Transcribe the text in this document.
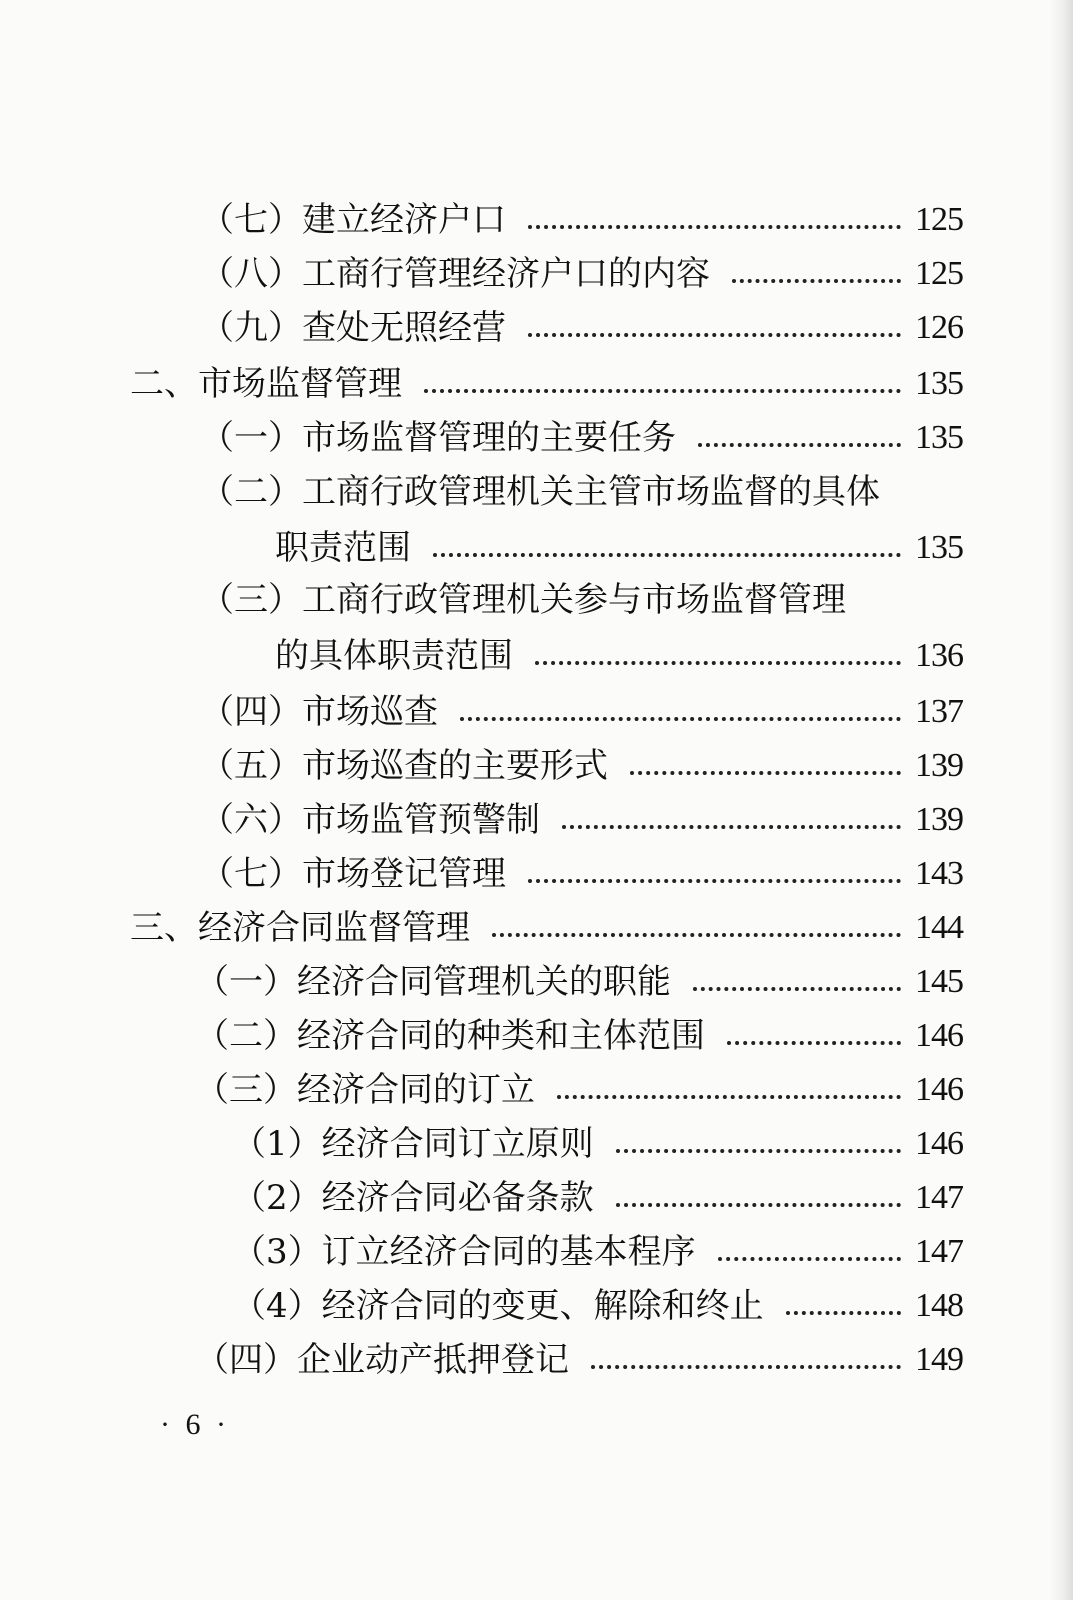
（七）建立经济户口	125
（八）工商行管理经济户口的内容	125
（九）查处无照经营	126
二、市场监督管理	135
（一）市场监督管理的主要任务	135
（二）工商行政管理机关主管市场监督的具体
职责范围	135
（三）工商行政管理机关参与市场监督管理
的具体职责范围	136
（四）市场巡查	137
（五）市场巡查的主要形式	139
（六）市场监管预警制	139
（七）市场登记管理	143
三、经济合同监督管理	144
（一）经济合同管理机关的职能	145
（二）经济合同的种类和主体范围	146
（三）经济合同的订立	146
（1）经济合同订立原则	146
（2）经济合同必备条款	147
（3）订立经济合同的基本程序	147
（4）经济合同的变更、解除和终止	148
（四）企业动产抵押登记	149
· 6 ·
